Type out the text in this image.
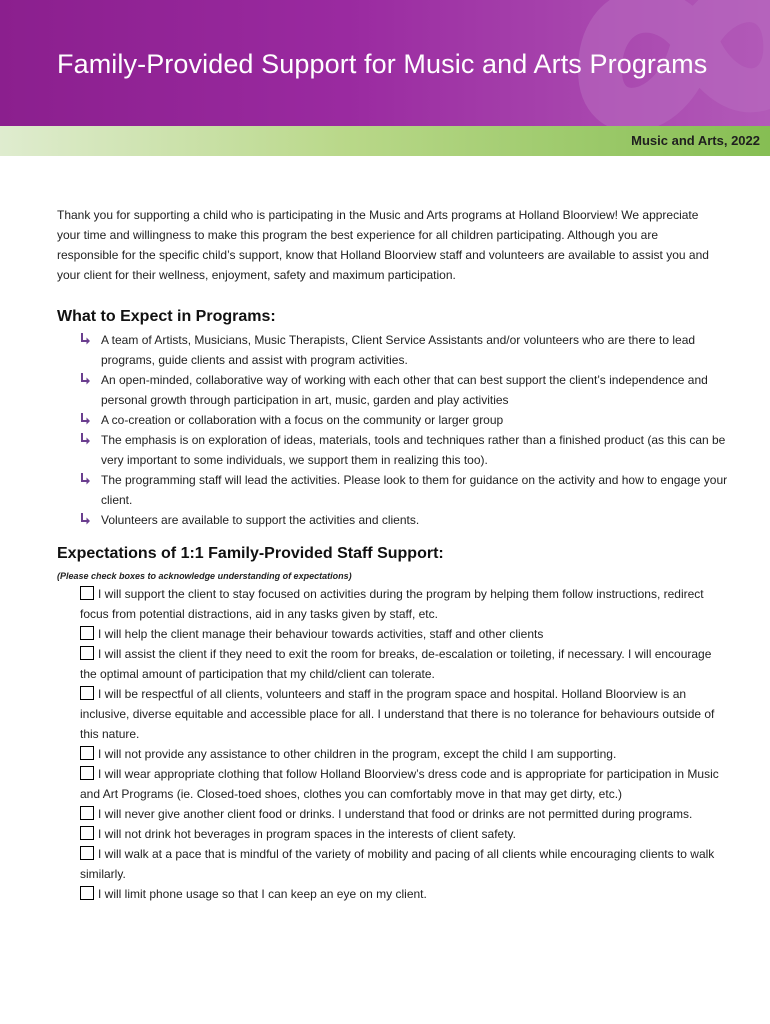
Family-Provided Support for Music and Arts Programs
Music and Arts, 2022
Thank you for supporting a child who is participating in the Music and Arts programs at Holland Bloorview! We appreciate your time and willingness to make this program the best experience for all children participating. Although you are responsible for the specific child’s support, know that Holland Bloorview staff and volunteers are available to assist you and your client for their wellness, enjoyment, safety and maximum participation.
What to Expect in Programs:
A team of Artists, Musicians, Music Therapists, Client Service Assistants and/or volunteers who are there to lead programs, guide clients and assist with program activities.
An open-minded, collaborative way of working with each other that can best support the client’s independence and personal growth through participation in art, music, garden and play activities
A co-creation or collaboration with a focus on the community or larger group
The emphasis is on exploration of ideas, materials, tools and techniques rather than a finished product (as this can be very important to some individuals, we support them in realizing this too).
The programming staff will lead the activities. Please look to them for guidance on the activity and how to engage your client.
Volunteers are available to support the activities and clients.
Expectations of 1:1 Family-Provided Staff Support:
(Please check boxes to acknowledge understanding of expectations)
I will support the client to stay focused on activities during the program by helping them follow instructions, redirect focus from potential distractions, aid in any tasks given by staff, etc.
I will help the client manage their behaviour towards activities, staff and other clients
I will assist the client if they need to exit the room for breaks, de-escalation or toileting, if necessary. I will encourage the optimal amount of participation that my child/client can tolerate.
I will be respectful of all clients, volunteers and staff in the program space and hospital. Holland Bloorview is an inclusive, diverse equitable and accessible place for all. I understand that there is no tolerance for behaviours outside of this nature.
I will not provide any assistance to other children in the program, except the child I am supporting.
I will wear appropriate clothing that follow Holland Bloorview’s dress code and is appropriate for participation in Music and Art Programs (ie. Closed-toed shoes, clothes you can comfortably move in that may get dirty, etc.)
I will never give another client food or drinks. I understand that food or drinks are not permitted during programs.
I will not drink hot beverages in program spaces in the interests of client safety.
I will walk at a pace that is mindful of the variety of mobility and pacing of all clients while encouraging clients to walk similarly.
I will limit phone usage so that I can keep an eye on my client.
